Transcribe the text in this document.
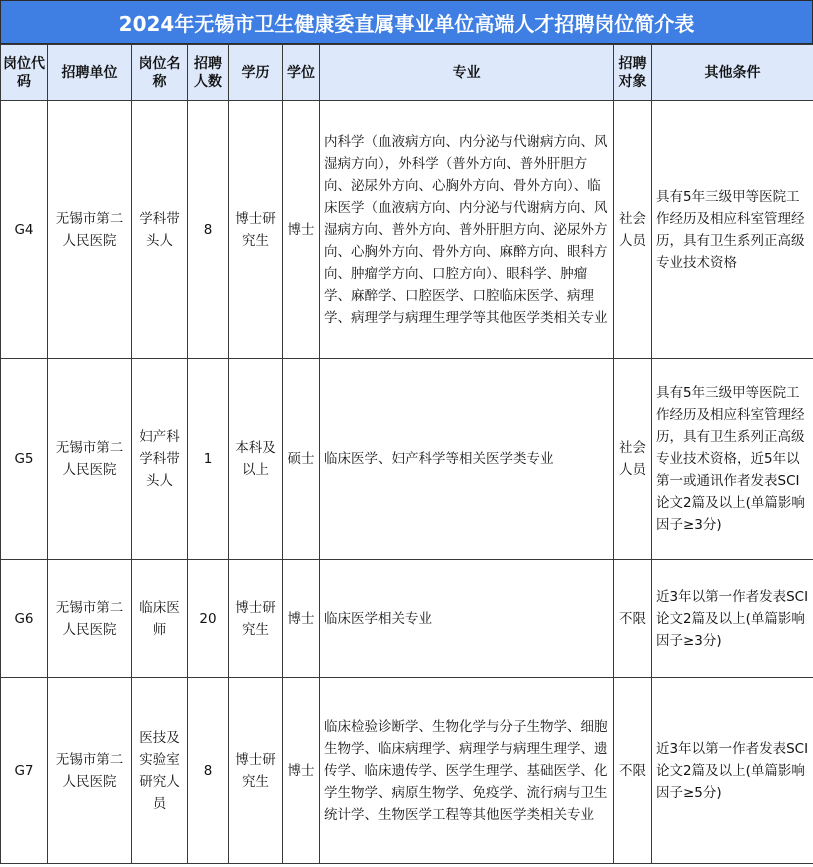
2024年无锡市卫生健康委直属事业单位高端人才招聘岗位简介表
岗位代码	招聘单位	岗位名称	招聘人数	学历	学位	专业	招聘对象	其他条件
G4	无锡市第二人民医院	学科带头人	8	博士研究生	博士	内科学（血液病方向、内分泌与代谢病方向、风湿病方向），外科学（普外方向、普外肝胆方向、泌尿外方向、心胸外方向、骨外方向）、临床医学（血液病方向、内分泌与代谢病方向、风湿病方向、普外方向、普外肝胆方向、泌尿外方向、心胸外方向、骨外方向、麻醉方向、眼科方向、肿瘤学方向、口腔方向）、眼科学、肿瘤学、麻醉学、口腔医学、口腔临床医学、病理学、病理学与病理生理学等其他医学类相关专业	社会人员	具有5年三级甲等医院工作经历及相应科室管理经历，具有卫生系列正高级专业技术资格
G5	无锡市第二人民医院	妇产科学科带头人	1	本科及以上	硕士	临床医学、妇产科学等相关医学类专业	社会人员	具有5年三级甲等医院工作经历及相应科室管理经历，具有卫生系列正高级专业技术资格，近5年以第一或通讯作者发表SCI论文2篇及以上(单篇影响因子≥3分)
G6	无锡市第二人民医院	临床医师	20	博士研究生	博士	临床医学相关专业	不限	近3年以第一作者发表SCI论文2篇及以上(单篇影响因子≥3分)
G7	无锡市第二人民医院	医技及实验室研究人员	8	博士研究生	博士	临床检验诊断学、生物化学与分子生物学、细胞生物学、临床病理学、病理学与病理生理学、遗传学、临床遗传学、医学生理学、基础医学、化学生物学、病原生物学、免疫学、流行病与卫生统计学、生物医学工程等其他医学类相关专业	不限	近3年以第一作者发表SCI论文2篇及以上(单篇影响因子≥5分)
